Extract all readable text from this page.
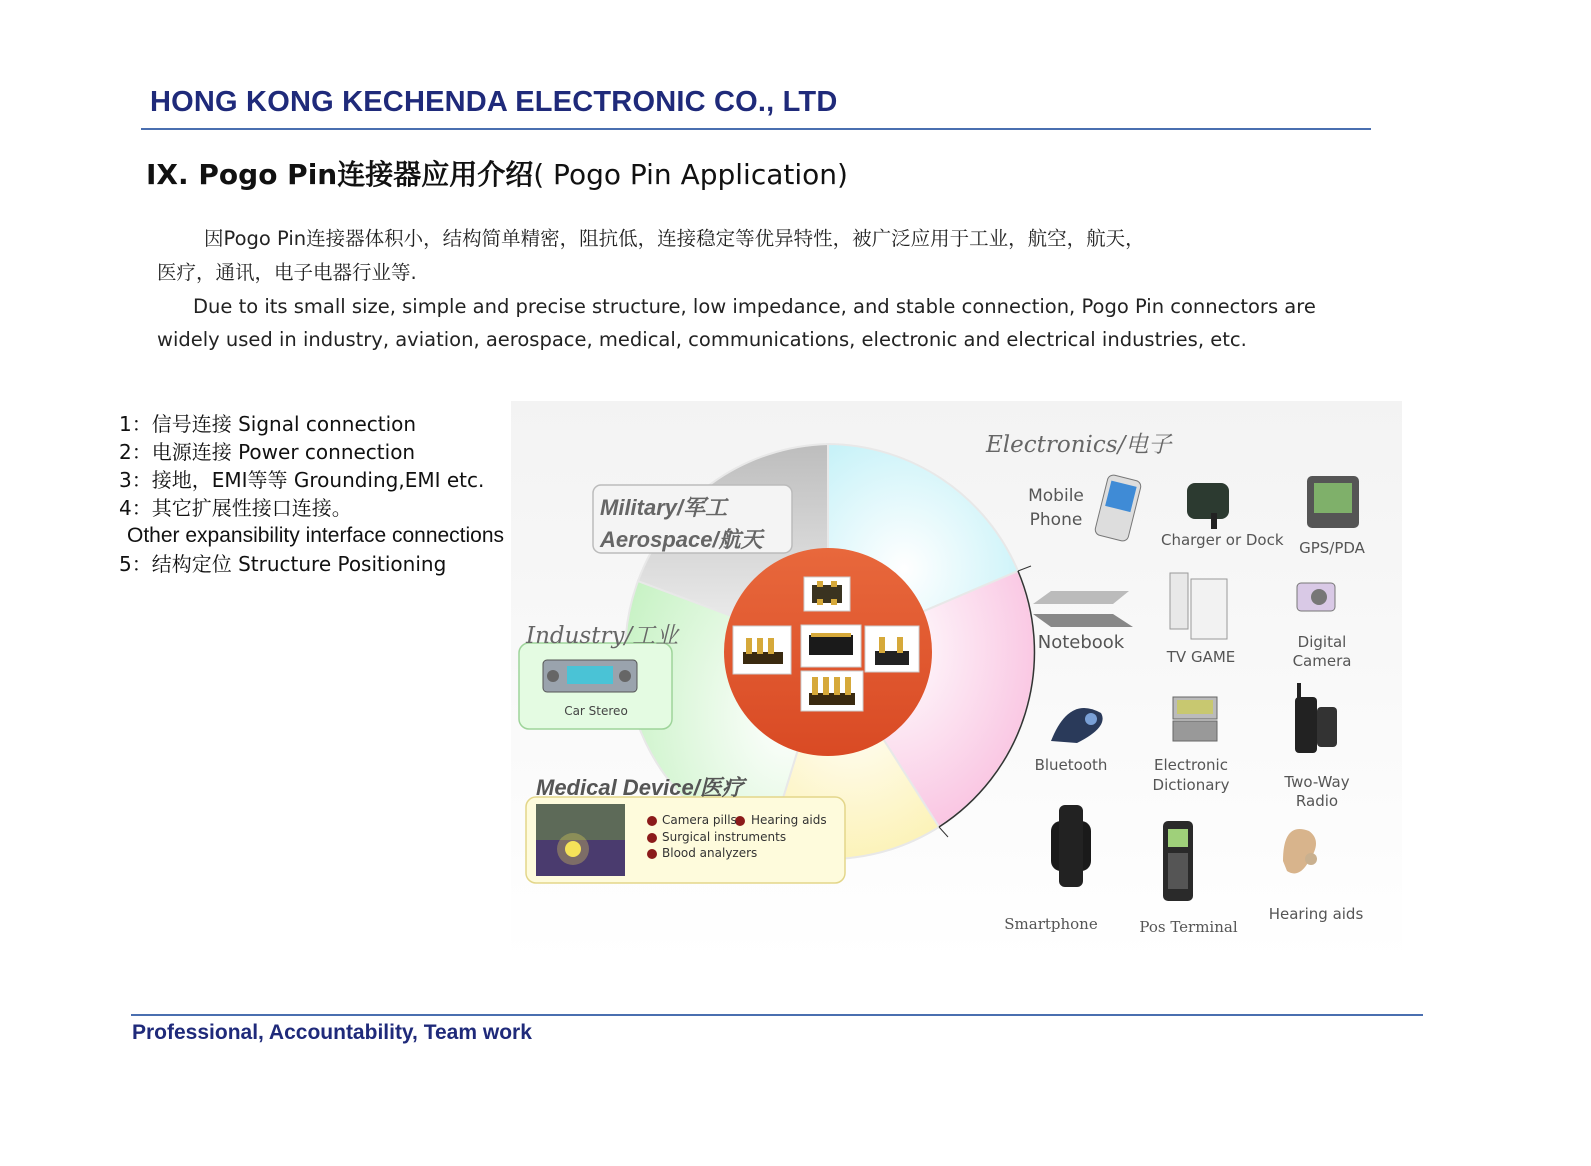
HONG KONG KECHENDA ELECTRONIC CO., LTD
IX. Pogo Pin连接器应用介绍( Pogo Pin Application)
因Pogo Pin连接器体积小，结构简单精密，阻抗低，连接稳定等优异特性，被广泛应用于工业，航空，航天，
医疗，通讯，电子电器行业等.
Due to its small size, simple and precise structure, low impedance, and stable connection, Pogo Pin connectors are
widely used in industry, aviation, aerospace, medical, communications, electronic and electrical industries, etc.
1：信号连接 Signal connection
2：电源连接 Power connection
3：接地，EMI等等 Grounding,EMI etc.
4：其它扩展性接口连接。
Other expansibility interface connections
5：结构定位 Structure Positioning
Military/军工
Aerospace/航天
Industry/工业
Car Stereo
Medical Device/医疗
Camera pills Hearing aids
Surgical instruments
Blood analyzers
Electronics/电子
Mobile
Phone
Charger or Dock GPS/PDA
Notebook
TV GAME
Digital
Camera
Bluetooth	Electronic
Dictionary	Two-Way
Radio
Smartphone	Pos Terminal
Hearing aids
Professional, Accountability, Team work
